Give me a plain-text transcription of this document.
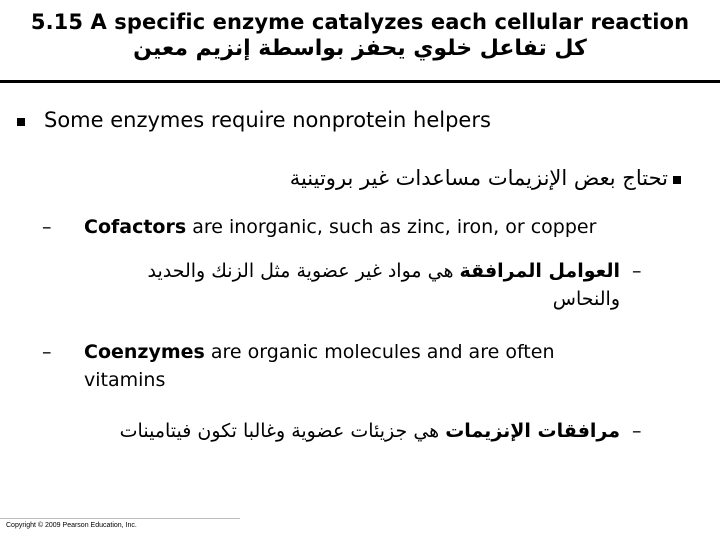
5.15 A specific enzyme catalyzes each cellular reaction
كل تفاعل خلوي يحفز بواسطة إنزيم معين
Some enzymes require nonprotein helpers
تحتاج بعض الإنزيمات مساعدات غير بروتينية
– Cofactors are inorganic, such as zinc, iron, or copper
–
العوامل المرافقة هي مواد غير عضوية مثل الزنك والحديد
والنحاس
– Coenzymes are organic molecules and are often
vitamins
–
مرافقات الإنزيمات هي جزيئات عضوية وغالبا تكون فيتامينات
Copyright © 2009 Pearson Education, Inc.
